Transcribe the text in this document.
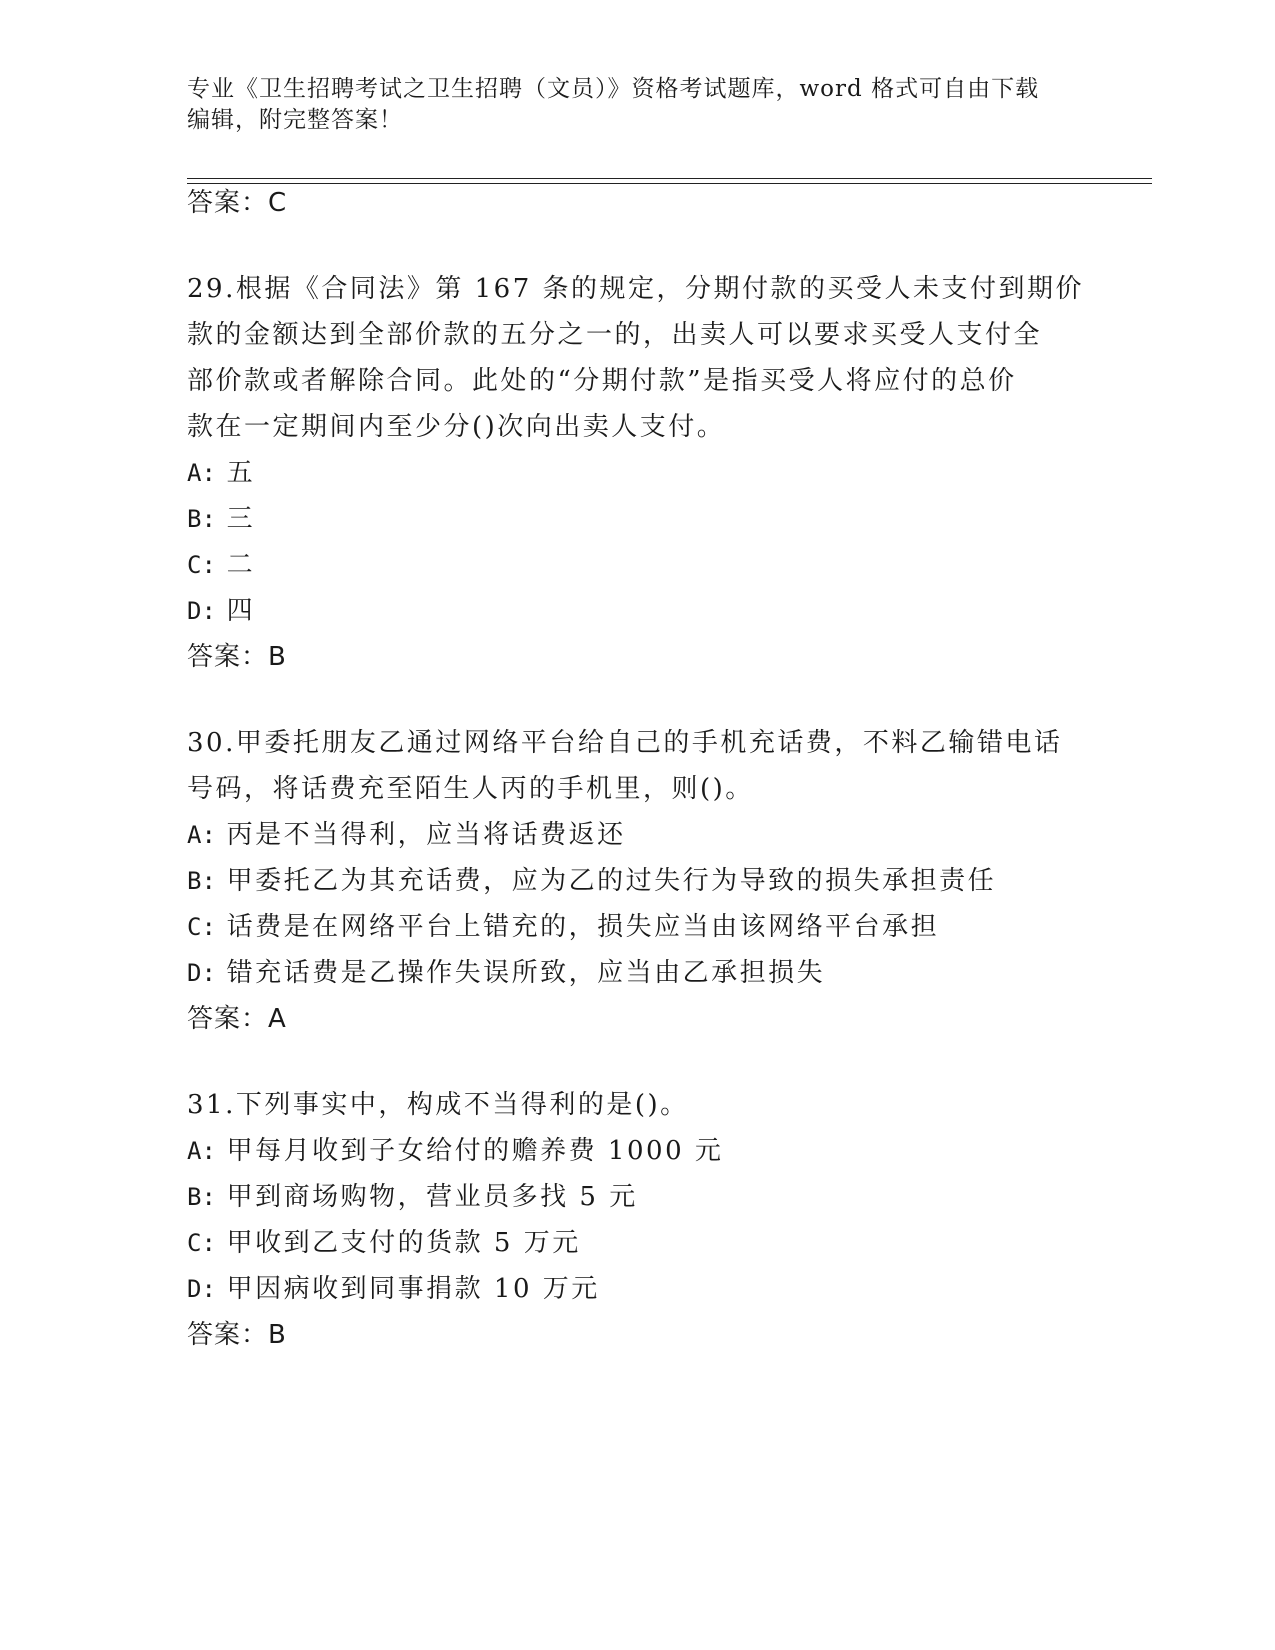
专业《卫生招聘考试之卫生招聘（文员）》资格考试题库，word 格式可自由下载
编辑，附完整答案！
答案：C
29.根据《合同法》第 167 条的规定，分期付款的买受人未支付到期价
款的金额达到全部价款的五分之一的，出卖人可以要求买受人支付全
部价款或者解除合同。此处的“分期付款”是指买受人将应付的总价
款在一定期间内至少分()次向出卖人支付。
A: 五
B: 三
C: 二
D: 四
答案：B
30.甲委托朋友乙通过网络平台给自己的手机充话费，不料乙输错电话
号码，将话费充至陌生人丙的手机里，则()。
A: 丙是不当得利，应当将话费返还
B: 甲委托乙为其充话费，应为乙的过失行为导致的损失承担责任
C: 话费是在网络平台上错充的，损失应当由该网络平台承担
D: 错充话费是乙操作失误所致，应当由乙承担损失
答案：A
31.下列事实中，构成不当得利的是()。
A: 甲每月收到子女给付的赡养费 1000 元
B: 甲到商场购物，营业员多找 5 元
C: 甲收到乙支付的货款 5 万元
D: 甲因病收到同事捐款 10 万元
答案：B
